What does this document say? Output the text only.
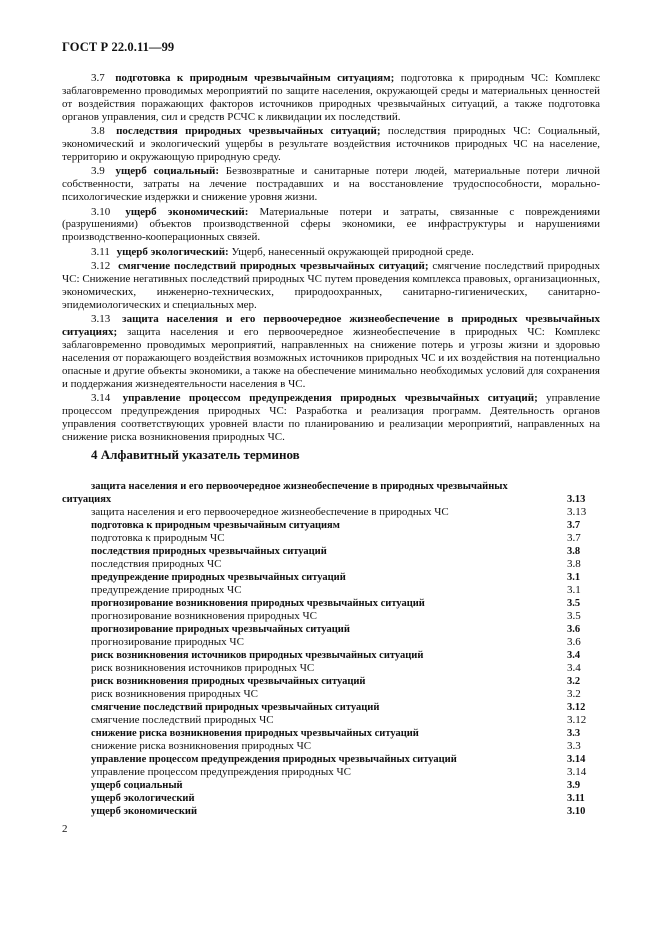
ГОСТ Р 22.0.11—99

3.7 подготовка к природным чрезвычайным ситуациям; подготовка к природным ЧС: Комплекс заблаговременно проводимых мероприятий по защите населения, окружающей среды и материальных ценностей от воздействия поражающих факторов источников природных чрезвычайных ситуаций, а также подготовка органов управления, сил и средств РСЧС к ликвидации их последствий.

3.8 последствия природных чрезвычайных ситуаций; последствия природных ЧС: Социальный, экономический и экологический ущербы в результате воздействия источников природных ЧС на население, территорию и окружающую природную среду.

3.9 ущерб социальный: Безвозвратные и санитарные потери людей, материальные потери личной собственности, затраты на лечение пострадавших и на восстановление трудоспособности, морально-психологические издержки и снижение уровня жизни.

3.10 ущерб экономический: Материальные потери и затраты, связанные с повреждениями (разрушениями) объектов производственной сферы экономики, ее инфраструктуры и нарушениями производственно-кооперационных связей.

3.11 ущерб экологический: Ущерб, нанесенный окружающей природной среде.

3.12 смягчение последствий природных чрезвычайных ситуаций; смягчение последствий природных ЧС: Снижение негативных последствий природных ЧС путем проведения комплекса правовых, организационных, экономических, инженерно-технических, природоохранных, санитарно-гигиенических, санитарно-эпидемиологических и специальных мер.

3.13 защита населения и его первоочередное жизнеобеспечение в природных чрезвычайных ситуациях; защита населения и его первоочередное жизнеобеспечение в природных ЧС: Комплекс заблаговременно проводимых мероприятий, направленных на снижение потерь и угрозы жизни и здоровью населения от поражающего воздействия возможных источников природных ЧС и их воздействия на потенциально опасные и другие объекты экономики, а также на обеспечение минимально необходимых условий для сохранения и поддержания жизнедеятельности населения в ЧС.

3.14 управление процессом предупреждения природных чрезвычайных ситуаций; управление процессом предупреждения природных ЧС: Разработка и реализация программ. Деятельность органов управления соответствующих уровней власти по планированию и реализации мероприятий, направленных на снижение риска возникновения природных ЧС.

4 Алфавитный указатель терминов
защита населения и его первоочередное жизнеобеспечение в природных чрезвычайных ситуациях	3.13
защита населения и его первоочередное жизнеобеспечение в природных ЧС	3.13
подготовка к природным чрезвычайным ситуациям	3.7
подготовка к природным ЧС	3.7
последствия природных чрезвычайных ситуаций	3.8
последствия природных ЧС	3.8
предупреждение природных чрезвычайных ситуаций	3.1
предупреждение природных ЧС	3.1
прогнозирование возникновения природных чрезвычайных ситуаций	3.5
прогнозирование возникновения природных ЧС	3.5
прогнозирование природных чрезвычайных ситуаций	3.6
прогнозирование природных ЧС	3.6
риск возникновения источников природных чрезвычайных ситуаций	3.4
риск возникновения источников природных ЧС	3.4
риск возникновения природных чрезвычайных ситуаций	3.2
риск возникновения природных ЧС	3.2
смягчение последствий природных чрезвычайных ситуаций	3.12
смягчение последствий природных ЧС	3.12
снижение риска возникновения природных чрезвычайных ситуаций	3.3
снижение риска возникновения природных ЧС	3.3
управление процессом предупреждения природных чрезвычайных ситуаций	3.14
управление процессом предупреждения природных ЧС	3.14
ущерб социальный	3.9
ущерб экологический	3.11
ущерб экономический	3.10
2
